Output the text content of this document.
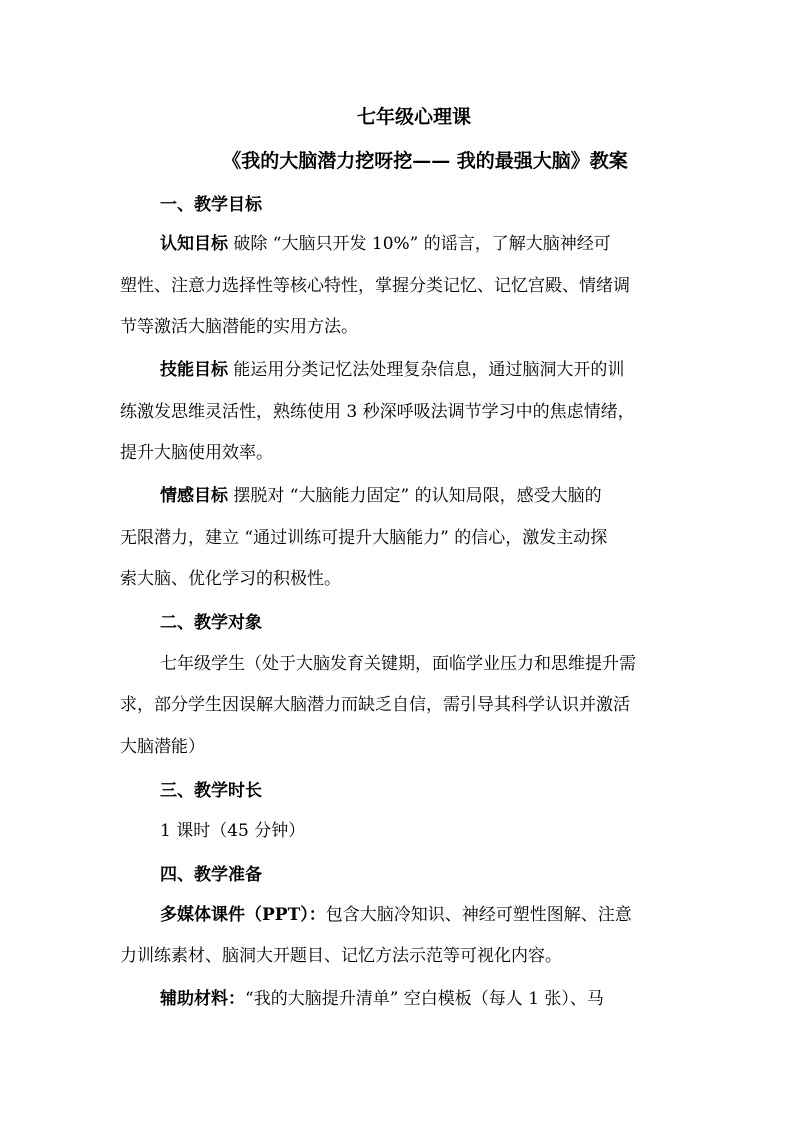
七年级心理课
《我的大脑潜力挖呀挖—— 我的最强大脑》教案
一、教学目标
认知目标 破除 “大脑只开发 10%” 的谣言，了解大脑神经可
塑性、注意力选择性等核心特性，掌握分类记忆、记忆宫殿、情绪调
节等激活大脑潜能的实用方法。
技能目标 能运用分类记忆法处理复杂信息，通过脑洞大开的训
练激发思维灵活性，熟练使用 3 秒深呼吸法调节学习中的焦虑情绪，
提升大脑使用效率。
情感目标 摆脱对 “大脑能力固定” 的认知局限，感受大脑的
无限潜力，建立 “通过训练可提升大脑能力” 的信心，激发主动探
索大脑、优化学习的积极性。
二、教学对象
七年级学生（处于大脑发育关键期，面临学业压力和思维提升需
求，部分学生因误解大脑潜力而缺乏自信，需引导其科学认识并激活
大脑潜能）
三、教学时长
1 课时（45 分钟）
四、教学准备
多媒体课件（PPT）：包含大脑冷知识、神经可塑性图解、注意
力训练素材、脑洞大开题目、记忆方法示范等可视化内容。
辅助材料：“我的大脑提升清单” 空白模板（每人 1 张）、马
